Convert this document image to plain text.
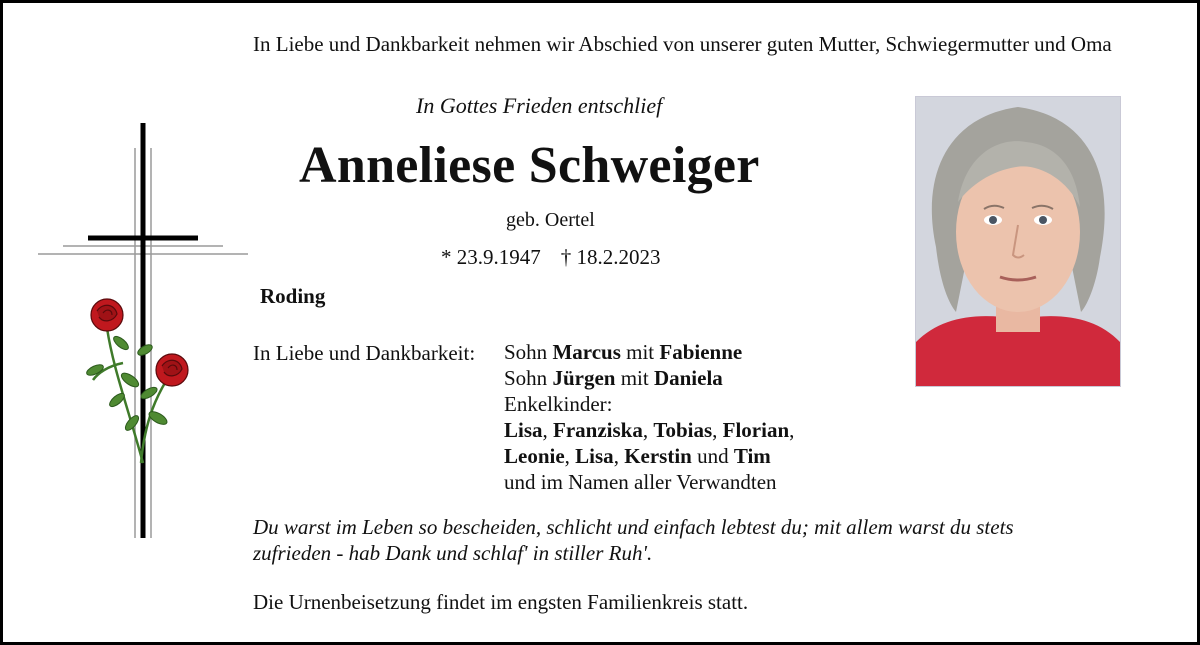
In Liebe und Dankbarkeit nehmen wir Abschied von unserer guten Mutter, Schwiegermutter und Oma
In Gottes Frieden entschlief
Anneliese Schweiger
geb. Oertel
* 23.9.1947 † 18.2.2023
Roding
In Liebe und Dankbarkeit: Sohn Marcus mit Fabienne
Sohn Jürgen mit Daniela
Enkelkinder:
Lisa, Franziska, Tobias, Florian,
Leonie, Lisa, Kerstin und Tim
und im Namen aller Verwandten
Du warst im Leben so bescheiden, schlicht und einfach lebtest du; mit allem warst du stets
zufrieden - hab Dank und schlaf' in stiller Ruh'.
Die Urnenbeisetzung findet im engsten Familienkreis statt.
